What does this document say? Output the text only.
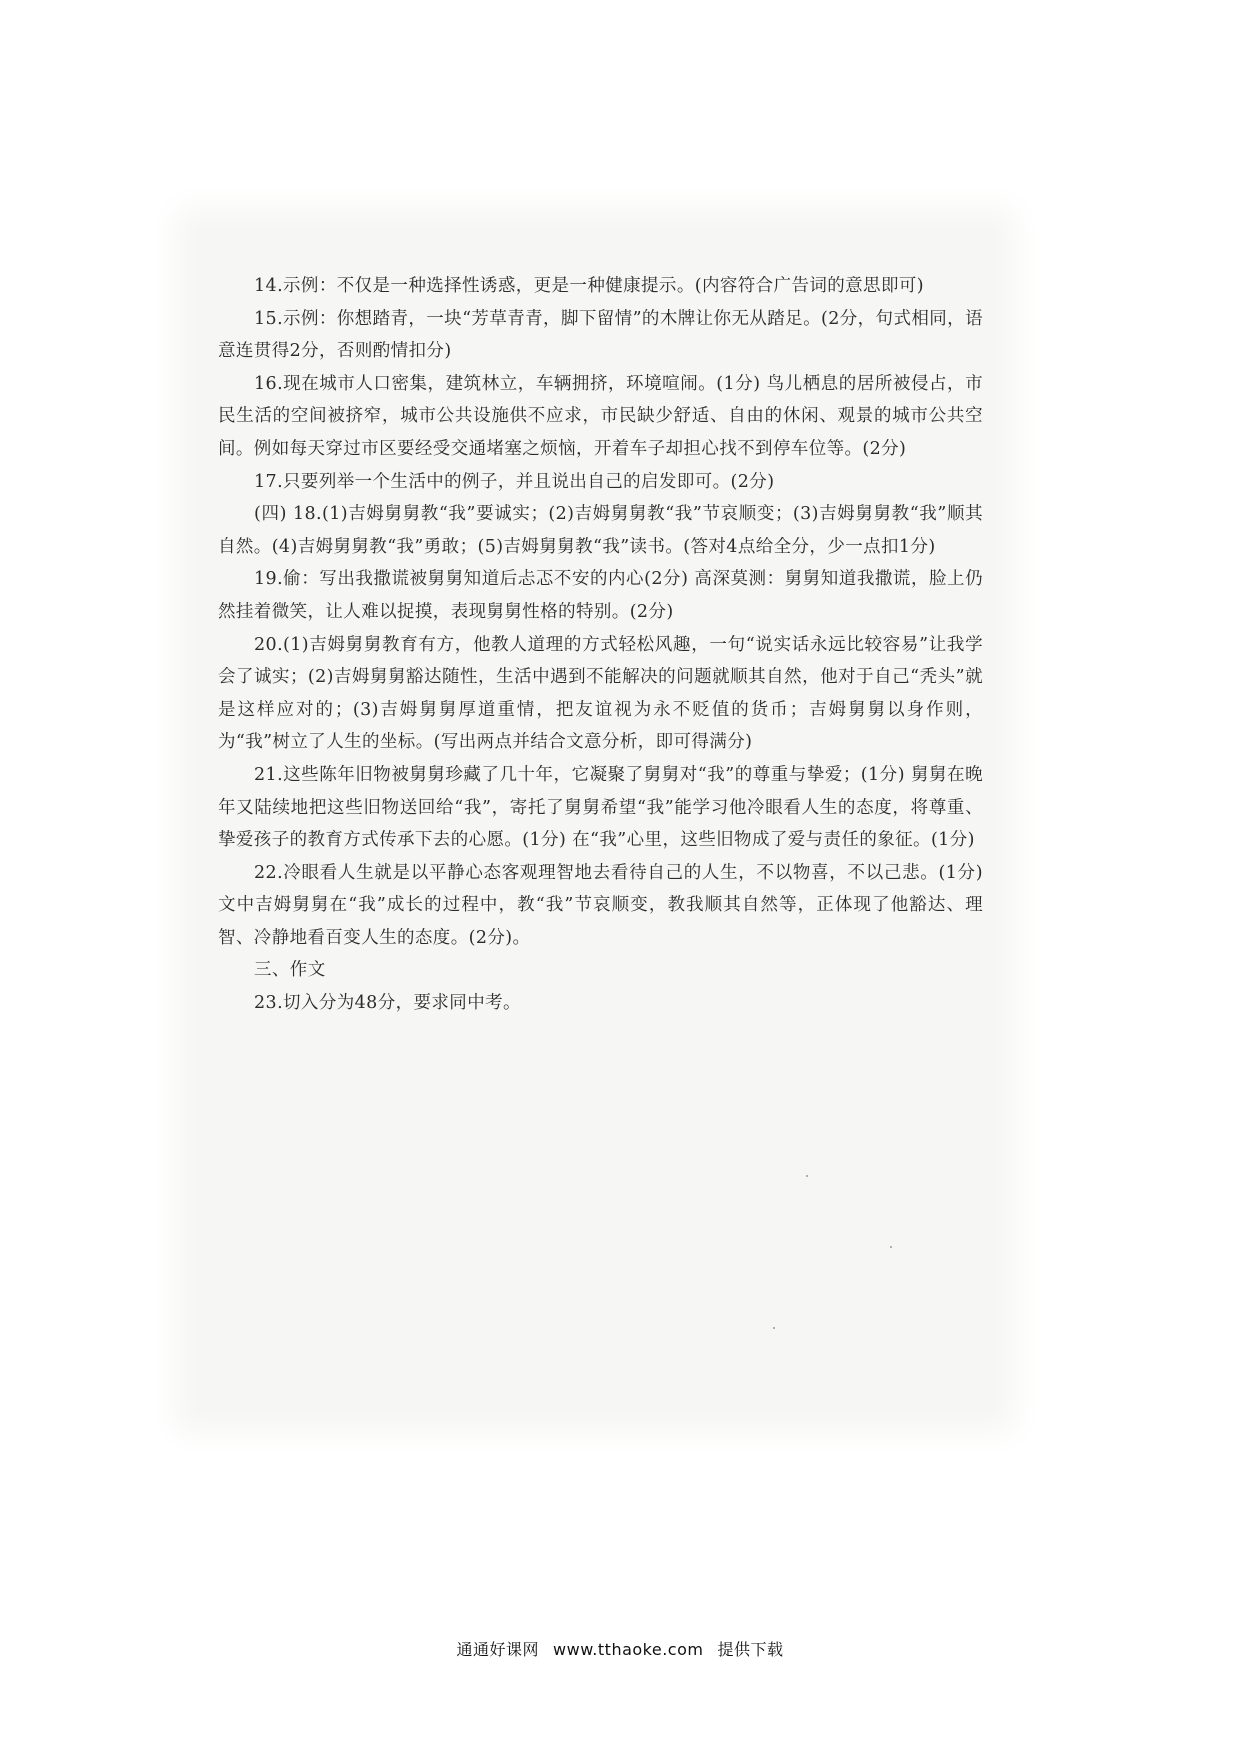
14.示例：不仅是一种选择性诱惑，更是一种健康提示。(内容符合广告词的意思即可)

15.示例：你想踏青，一块“芳草青青，脚下留情”的木牌让你无从踏足。(2分，句式相同，语意连贯得2分，否则酌情扣分)

16.现在城市人口密集，建筑林立，车辆拥挤，环境喧闹。(1分) 鸟儿栖息的居所被侵占，市民生活的空间被挤窄，城市公共设施供不应求，市民缺少舒适、自由的休闲、观景的城市公共空间。例如每天穿过市区要经受交通堵塞之烦恼，开着车子却担心找不到停车位等。(2分)

17.只要列举一个生活中的例子，并且说出自己的启发即可。(2分)

(四) 18.(1)吉姆舅舅教“我”要诚实；(2)吉姆舅舅教“我”节哀顺变；(3)吉姆舅舅教“我”顺其自然。(4)吉姆舅舅教“我”勇敢；(5)吉姆舅舅教“我”读书。(答对4点给全分，少一点扣1分)

19.偷：写出我撒谎被舅舅知道后忐忑不安的内心(2分) 高深莫测：舅舅知道我撒谎，脸上仍然挂着微笑，让人难以捉摸，表现舅舅性格的特别。(2分)

20.(1)吉姆舅舅教育有方，他教人道理的方式轻松风趣，一句“说实话永远比较容易”让我学会了诚实；(2)吉姆舅舅豁达随性，生活中遇到不能解决的问题就顺其自然，他对于自己“秃头”就是这样应对的；(3)吉姆舅舅厚道重情，把友谊视为永不贬值的货币；吉姆舅舅以身作则，为“我”树立了人生的坐标。(写出两点并结合文意分析，即可得满分)

21.这些陈年旧物被舅舅珍藏了几十年，它凝聚了舅舅对“我”的尊重与挚爱；(1分) 舅舅在晚年又陆续地把这些旧物送回给“我”，寄托了舅舅希望“我”能学习他冷眼看人生的态度，将尊重、挚爱孩子的教育方式传承下去的心愿。(1分) 在“我”心里，这些旧物成了爱与责任的象征。(1分)

22.冷眼看人生就是以平静心态客观理智地去看待自己的人生，不以物喜，不以己悲。(1分) 文中吉姆舅舅在“我”成长的过程中，教“我”节哀顺变，教我顺其自然等，正体现了他豁达、理智、冷静地看百变人生的态度。(2分)。

三、作文

23.切入分为48分，要求同中考。

通通好课网 www.tthaoke.com 提供下载
